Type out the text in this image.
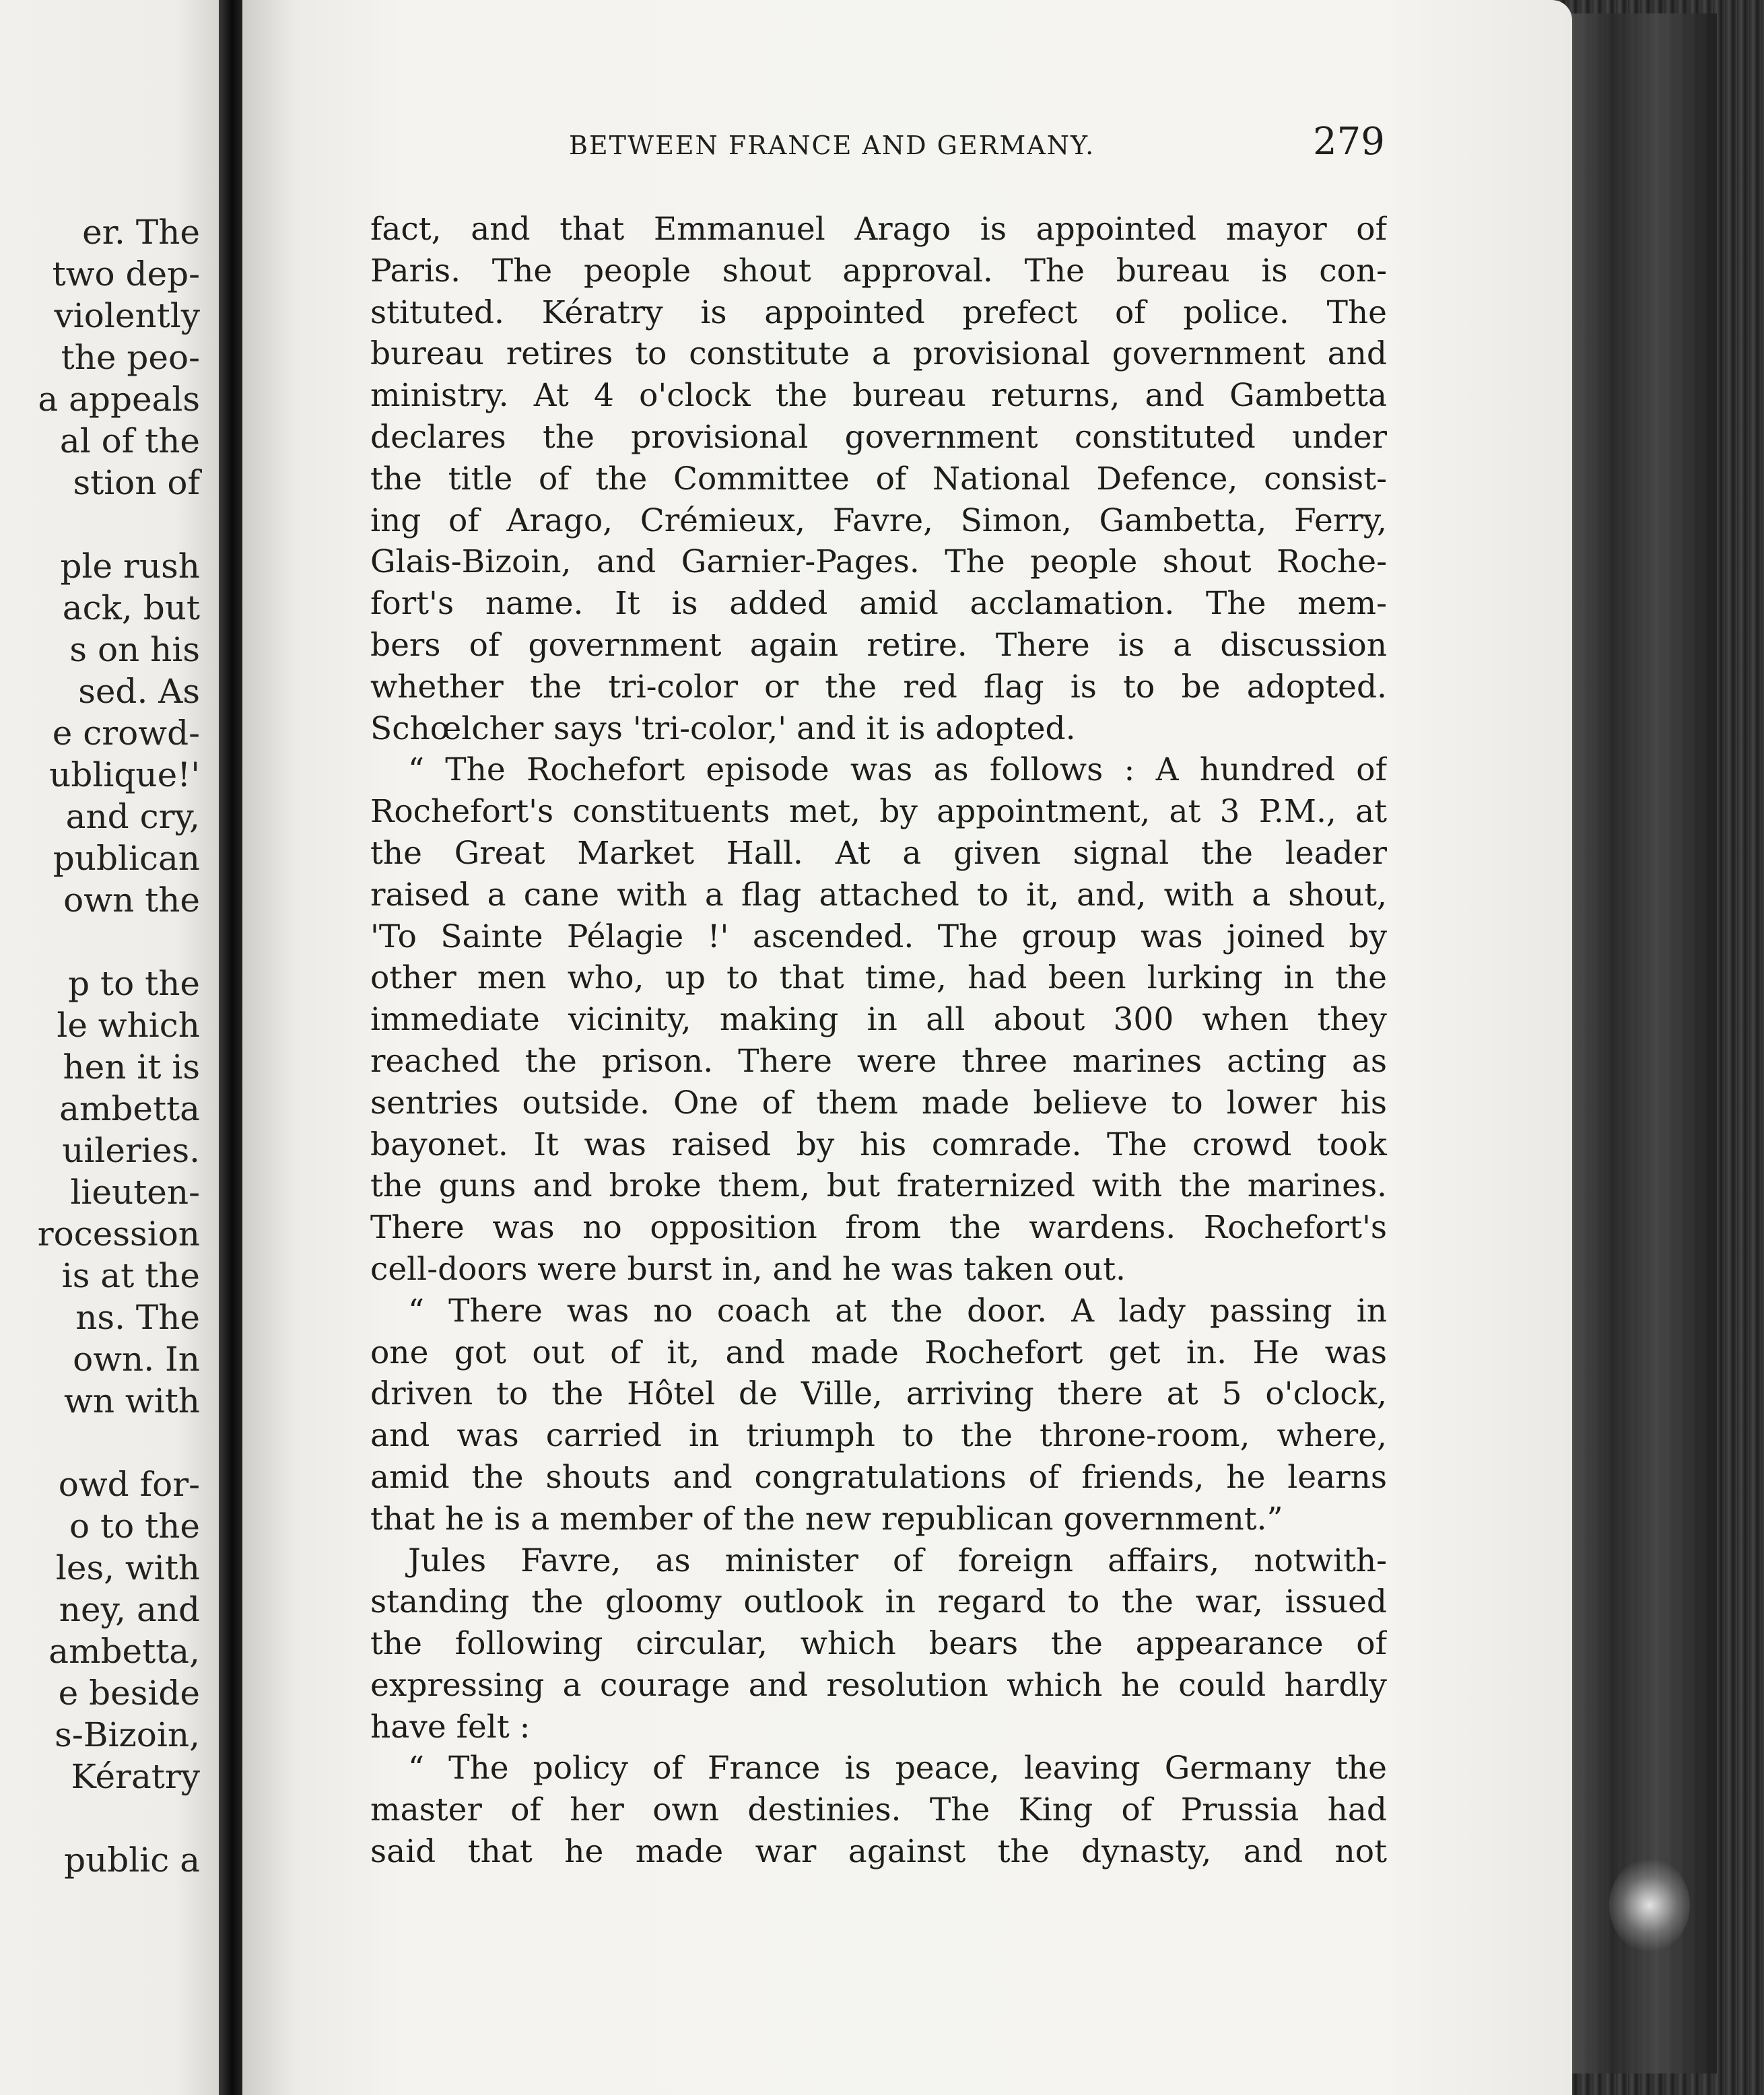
er. The
two dep-
violently
the peo-
a appeals
al of the
stion of
ple rush
ack, but
s on his
sed. As
e crowd-
ublique!'
and cry,
publican
own the
p to the
le which
hen it is
ambetta
uileries.
lieuten-
rocession
is at the
ns. The
own. In
wn with
owd for-
o to the
les, with
ney, and
ambetta,
e beside
s-Bizoin,
Kératry
public a
BETWEEN FRANCE AND GERMANY.	279
fact, and that Emmanuel Arago is appointed mayor of
Paris. The people shout approval. The bureau is con-
stituted. Kératry is appointed prefect of police. The
bureau retires to constitute a provisional government and
ministry. At 4 o'clock the bureau returns, and Gambetta
declares the provisional government constituted under
the title of the Committee of National Defence, consist-
ing of Arago, Crémieux, Favre, Simon, Gambetta, Ferry,
Glais-Bizoin, and Garnier-Pages. The people shout Roche-
fort's name. It is added amid acclamation. The mem-
bers of government again retire. There is a discussion
whether the tri-color or the red flag is to be adopted.
Schœlcher says 'tri-color,' and it is adopted.
“ The Rochefort episode was as follows : A hundred of
Rochefort's constituents met, by appointment, at 3 P.M., at
the Great Market Hall. At a given signal the leader
raised a cane with a flag attached to it, and, with a shout,
'To Sainte Pélagie !' ascended. The group was joined by
other men who, up to that time, had been lurking in the
immediate vicinity, making in all about 300 when they
reached the prison. There were three marines acting as
sentries outside. One of them made believe to lower his
bayonet. It was raised by his comrade. The crowd took
the guns and broke them, but fraternized with the marines.
There was no opposition from the wardens. Rochefort's
cell-doors were burst in, and he was taken out.
“ There was no coach at the door. A lady passing in
one got out of it, and made Rochefort get in. He was
driven to the Hôtel de Ville, arriving there at 5 o'clock,
and was carried in triumph to the throne-room, where,
amid the shouts and congratulations of friends, he learns
that he is a member of the new republican government.”
Jules Favre, as minister of foreign affairs, notwith-
standing the gloomy outlook in regard to the war, issued
the following circular, which bears the appearance of
expressing a courage and resolution which he could hardly
have felt :
“ The policy of France is peace, leaving Germany the
master of her own destinies. The King of Prussia had
said that he made war against the dynasty, and not
